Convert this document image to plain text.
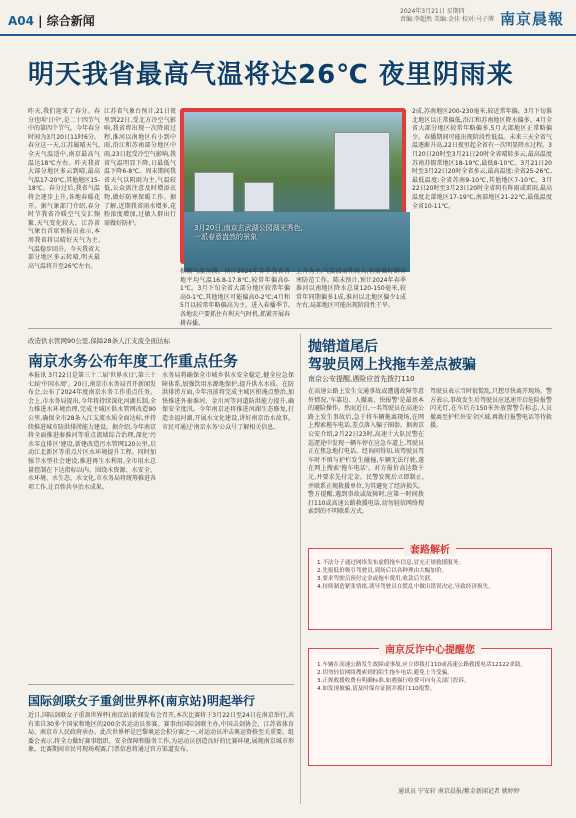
A04 | 综合新闻
2024年3月21日 星期四
责编:李超然 美编:金佳 校对:马子博 南京晨報
明天我省最高气温将达26℃ 夜里阴雨来
昨天,我们迎来了春分。春分也叫'日中',是二十四节气中的第四个节气。今年春分时间为3月20日11时6分。春分这一天,江苏属晴天气,全天气温适中,南京最高气温达18℃左右。昨天我省大部分地区多云到晴,最高气温17-20℃,其他地区15-18℃。春分过后,我省气温将会逐步上升,各地春暖花开。据气象部门介绍,春分时节我省冷暖空气交汇频繁,天气变化较大。江苏省气象台首席预报员表示,本周我省将以晴好天气为主,气温稳步回升。今天我省大部分地区多云转晴,明天最高气温将升至26℃左右。
江苏省气象台预计,21日夜里到22日,受北方冷空气影响,我省将出现一次降雨过程,淮河以南地区有小到中雨,沿江和苏南部分地区中雨,23日起受冷空气影响,我省气温明显下降,日最低气温下降6-8℃。周末期间我省天气以阴雨为主,气温较低,公众需注意及时增添衣物,做好防寒保暖工作。据了解,近期我省雨水增多,花粉浓度增加,过敏人群出行需做好防护。
3月20日,南京玄武湖公园湖光秀色,一派春意盎然的景象
积极气温预测。预计2024年春季我省各地平均气温16.8-17.8℃,较常年偏高0-1℃。3月下旬全省大部分地区较常年偏高0-1℃,其他地区可能偏高0-2℃;4月和5月以较常年略偏高为主。进入春播季节,各地农户要抓住有利天气时机,抓紧开展春耕春播。
上升为主,气温波动性较大,仍需做好倒春寒防范工作。陈未预计,预计2024年春季淮河以南地区降水总量120-150毫米,较常年同期偏多1成,淮河以北地区偏少1成左右,局部地区可能出现阶段性干旱。
2成,苏南地区200-230毫米,较近常年偏。3月下旬淮北地区以正常偏低,沿江和苏南地区降水偏多。4月全省大部分地区较常年略偏多,5月大部地区正常略偏少。春播期间可能出现阶段性低温。未来三天全省气温逐渐升高,22日夜里起全省有一次明显降水过程。3月20日20时至3月21日20时全省晴转多云,最高温度苏南苏锡常地区18-19℃,最低8-10℃。3月21日20时至3月22日20时全省多云,最高温度:全省25-26℃,最低温度:全省苏南9-10℃,其他地区7-10℃。3月22日20时至3月23日20时全省阴有阵雨或雷雨,最高温度北部地区17-19℃,南部地区21-22℃,最低温度全省10-11℃。
改造供水管网90公里,保障28条人江支流全面达标
南京水务公布年度工作重点任务
本报讯 3月22日是第三十二届'世界水日',第三十七届'中国水周'。20日,南京市水务局召开新闻发布会,公布了2024年度南京水务工作重点任务。会上,市水务局提出,今年将持续深化河湖长制,全力推进水环境治理,完成主城区供水管网改造90公里,确保全市28条入江支流水质全面达标,并持续推进城市防洪排涝能力建设。据介绍,今年南京将全面推进秦淮河等重点流域综合治理,深化'污水零直排区'建设,新建改造污水管网120公里,启动江北新区等重点片区水环境提升工程。同时加强节水型社会建设,推进再生水利用,全市用水总量控制在下达指标以内。围绕水资源、水安全、水环境、水生态、水文化,市水务局将统筹推进各项工作,让百姓共享治水成果。
水务局将确保全市城乡供水安全稳定,健全应急保障体系,加强饮用水源地保护,提升供水水质。在防洪排涝方面,今年汛前将完成主城区积淹点整治,加快推进外秦淮河、金川河等河道防洪能力提升,确保安全度汛。今年南京还将推进河湖生态修复,打造幸福河湖,开展水文化建设,讲好南京治水故事。市民可通过'南京水务'公众号了解相关信息。
国际剑联女子重剑世界杯(南京站)明起举行
近日,国际剑联女子重剑世界杯(南京站)新闻发布会召开,本次比赛将于3月22日至24日在南京举行,共有来自30多个国家和地区的200余名运动员参赛。赛事由国际剑联主办,中国击剑协会、江苏省体育局、南京市人民政府承办。此次世界杯是巴黎奥运会积分赛之一,对运动员冲击奥运资格至关重要。组委会表示,将全力做好赛事组织、安全保障和服务工作,为运动员创造良好的比赛环境,展现南京城市形象。比赛期间市民可现场观赛,门票信息将通过官方渠道发布。
抛错道尾后
驾驶员网上找拖车差点被骗
南京公安提醒,遇险应首先拨打110
在高速公路上发生交通事故或遭遇故障等意外情况,'车靠边、人撤离、快报警'是最基本的避险操作。然而近日,一名驾驶员在高速公路上发生事故后,急于将车辆拖离现场,在网上搜索拖车电话,差点落入骗子圈套。据南京公安介绍,2月22日23时,高速十大队民警在巡逻途中发现一辆车停在应急车道上,驾驶员正在焦急地打电话。经询问得知,该驾驶员驾车时不慎与护栏发生碰撞,车辆无法行驶,遂在网上搜索'拖车电话'。对方报价高达数千元,并要求先付定金。民警发现后立即制止,并联系正规救援单位,为其避免了经济损失。警方提醒,遇到事故或故障时,应第一时间拨打110或高速公路救援电话,切勿轻信网络搜索到的不明联系方式。
驾驶员表示当时很慌乱,只想尽快离开现场。警方表示,事故发生后驾驶员应迅速开启危险报警闪光灯,在车后方150米外放置警告标志,人员撤离至护栏外安全区域,再拨打报警电话等待救援。
套路解析
1.不法分子通过网络发布虚假拖车信息,冒充正规救援服务。
2.先报低价吸引驾驶员,到场后以各种理由大幅加价。
3.要求驾驶员预付定金或拖车费用,收款后失联。
4.持续制造紧张情绪,诱导驾驶员在慌乱中做出错误决定,导致经济损失。
南京反诈中心提醒您
1.车辆在高速公路发生故障或事故,应立即拨打110或高速公路救援电话12122求助。
2.切勿轻信网络搜索到的陌生拖车电话,避免上当受骗。
3.正规救援收费有明确标准,如遇强行收费可向有关部门投诉。
4.如发现被骗,请及时保存证据并拨打110报警。
通讯员 宁安轩 南京晨报/紫金新闻记者 姚婷婷
